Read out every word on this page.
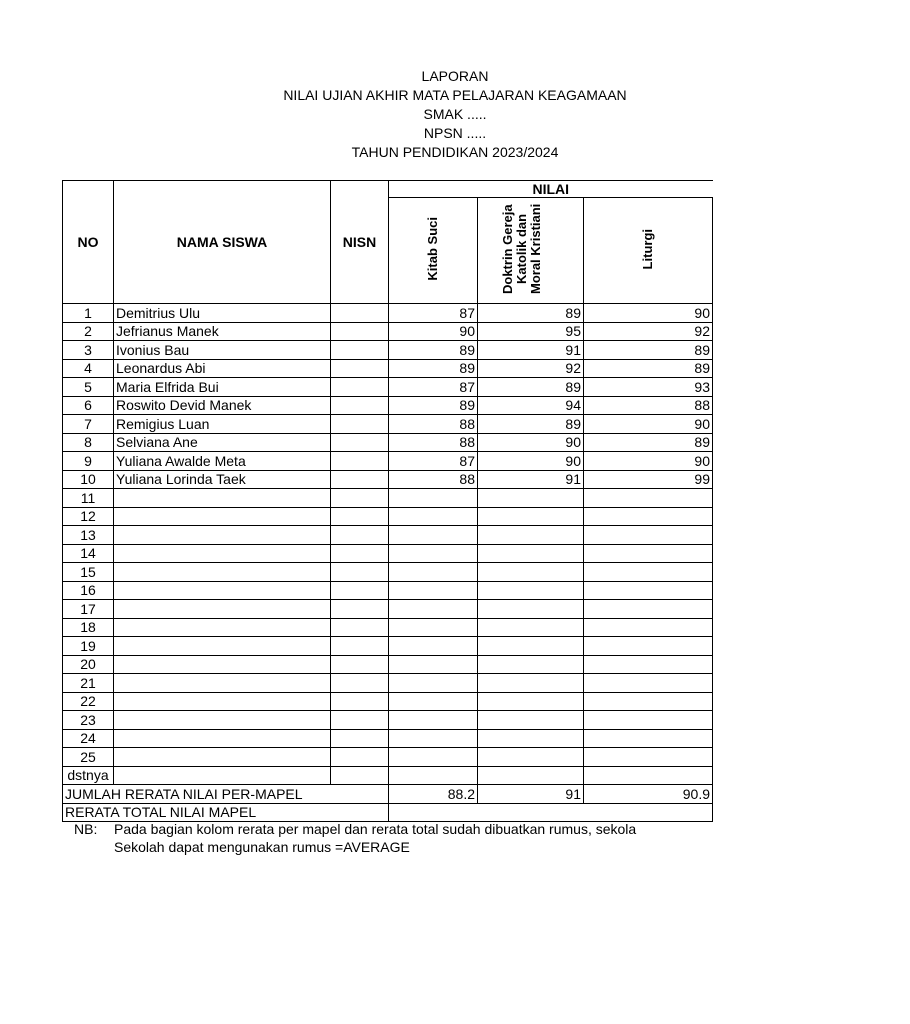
LAPORAN
NILAI UJIAN AKHIR MATA PELAJARAN KEAGAMAAN
SMAK .....
NPSN .....
TAHUN PENDIDIKAN 2023/2024
NO	NAMA SISWA	NISN	NILAI		
			Kitab Suci	Doktrin Gereja Katolik dan Moral Kristiani	Liturgi
1	Demitrius Ulu		87	89	90
2	Jefrianus Manek		90	95	92
3	Ivonius Bau		89	91	89
4	Leonardus Abi		89	92	89
5	Maria Elfrida Bui		87	89	93
6	Roswito Devid Manek		89	94	88
7	Remigius Luan		88	89	90
8	Selviana Ane		88	90	89
9	Yuliana Awalde Meta		87	90	90
10	Yuliana Lorinda Taek		88	91	99
11					
12					
13					
14					
15					
16					
17					
18					
19					
20					
21					
22					
23					
24					
25					
dstnya					
JUMLAH RERATA NILAI PER-MAPEL			88.2	91	90.9
RERATA TOTAL NILAI MAPEL					
NB: Pada bagian kolom rerata per mapel dan rerata total sudah dibuatkan rumus, sekola
Sekolah dapat mengunakan rumus =AVERAGE
